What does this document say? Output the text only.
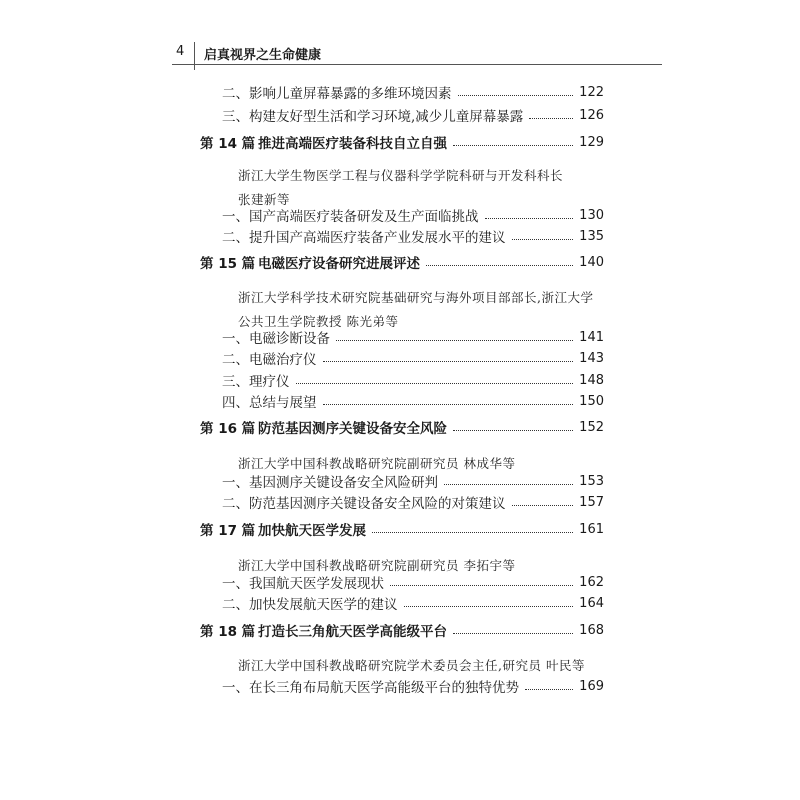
4 启真视界之生命健康
二、影响儿童屏幕暴露的多维环境因素	122
三、构建友好型生活和学习环境,减少儿童屏幕暴露	126
第 14 篇 推进高端医疗装备科技自立自强	129
浙江大学生物医学工程与仪器科学学院科研与开发科科长
张建新等
一、国产高端医疗装备研发及生产面临挑战	130
二、提升国产高端医疗装备产业发展水平的建议	135
第 15 篇 电磁医疗设备研究进展评述	140
浙江大学科学技术研究院基础研究与海外项目部部长,浙江大学
公共卫生学院教授 陈光弟等
一、电磁诊断设备	141
二、电磁治疗仪	143
三、理疗仪	148
四、总结与展望	150
第 16 篇 防范基因测序关键设备安全风险	152
浙江大学中国科教战略研究院副研究员 林成华等
一、基因测序关键设备安全风险研判	153
二、防范基因测序关键设备安全风险的对策建议	157
第 17 篇 加快航天医学发展	161
浙江大学中国科教战略研究院副研究员 李拓宇等
一、我国航天医学发展现状	162
二、加快发展航天医学的建议	164
第 18 篇 打造长三角航天医学高能级平台	168
浙江大学中国科教战略研究院学术委员会主任,研究员 叶民等
一、在长三角布局航天医学高能级平台的独特优势	169
